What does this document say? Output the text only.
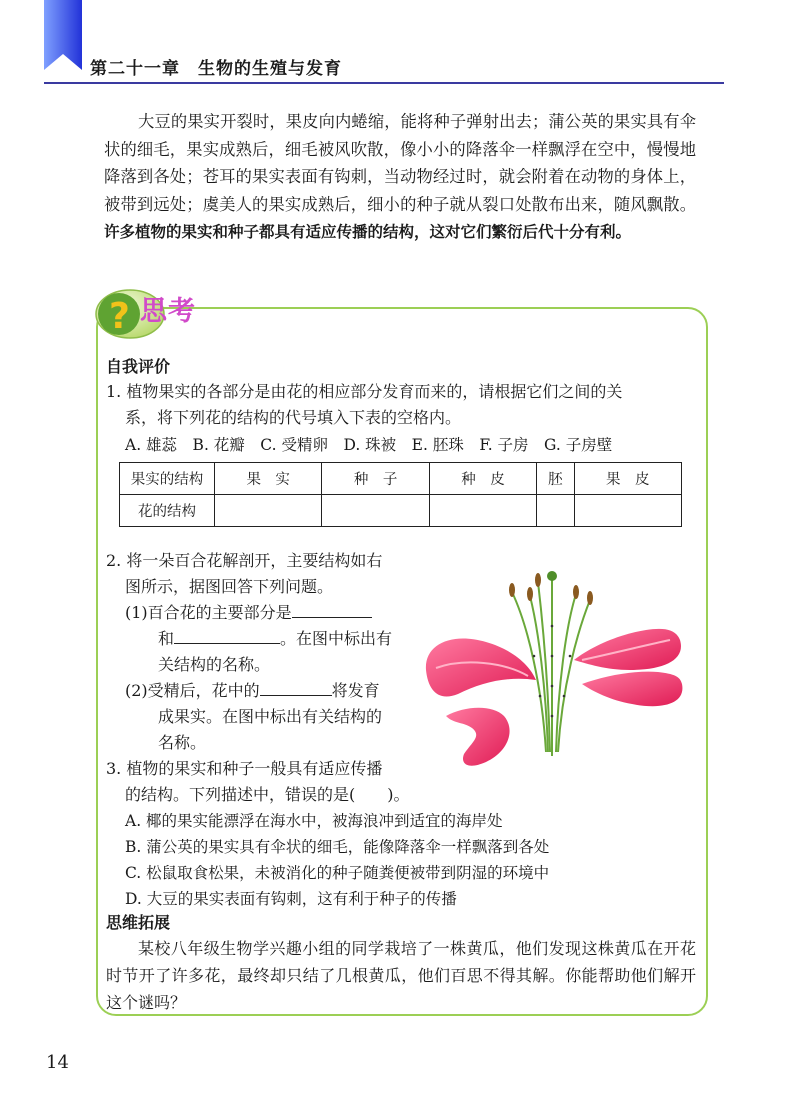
第二十一章 生物的生殖与发育

大豆的果实开裂时，果皮向内蜷缩，能将种子弹射出去；蒲公英的果实具有伞状的细毛，果实成熟后，细毛被风吹散，像小小的降落伞一样飘浮在空中，慢慢地降落到各处；苍耳的果实表面有钩刺，当动物经过时，就会附着在动物的身体上，被带到远处；虞美人的果实成熟后，细小的种子就从裂口处散布出来，随风飘散。许多植物的果实和种子都具有适应传播的结构，这对它们繁衍后代十分有利。

? 思考
自我评价
1. 植物果实的各部分是由花的相应部分发育而来的，请根据它们之间的关
系，将下列花的结构的代号填入下表的空格内。
A. 雄蕊　B. 花瓣　C. 受精卵　D. 珠被　E. 胚珠　F. 子房　G. 子房壁
果实的结构	果　实	种　子	种　皮	胚	果　皮
花的结构					
2. 将一朵百合花解剖开，主要结构如右
图所示，据图回答下列问题。
(1)百合花的主要部分是
和	。在图中标出有
关结构的名称。
(2)受精后，花中的	将发育
成果实。在图中标出有关结构的
名称。
3. 植物的果实和种子一般具有适应传播
的结构。下列描述中，错误的是(　　)。
A. 椰的果实能漂浮在海水中，被海浪冲到适宜的海岸处
B. 蒲公英的果实具有伞状的细毛，能像降落伞一样飘落到各处
C. 松鼠取食松果，未被消化的种子随粪便被带到阴湿的环境中
D. 大豆的果实表面有钩刺，这有利于种子的传播
思维拓展

某校八年级生物学兴趣小组的同学栽培了一株黄瓜，他们发现这株黄瓜在开花时节开了许多花，最终却只结了几根黄瓜，他们百思不得其解。你能帮助他们解开这个谜吗？

14
